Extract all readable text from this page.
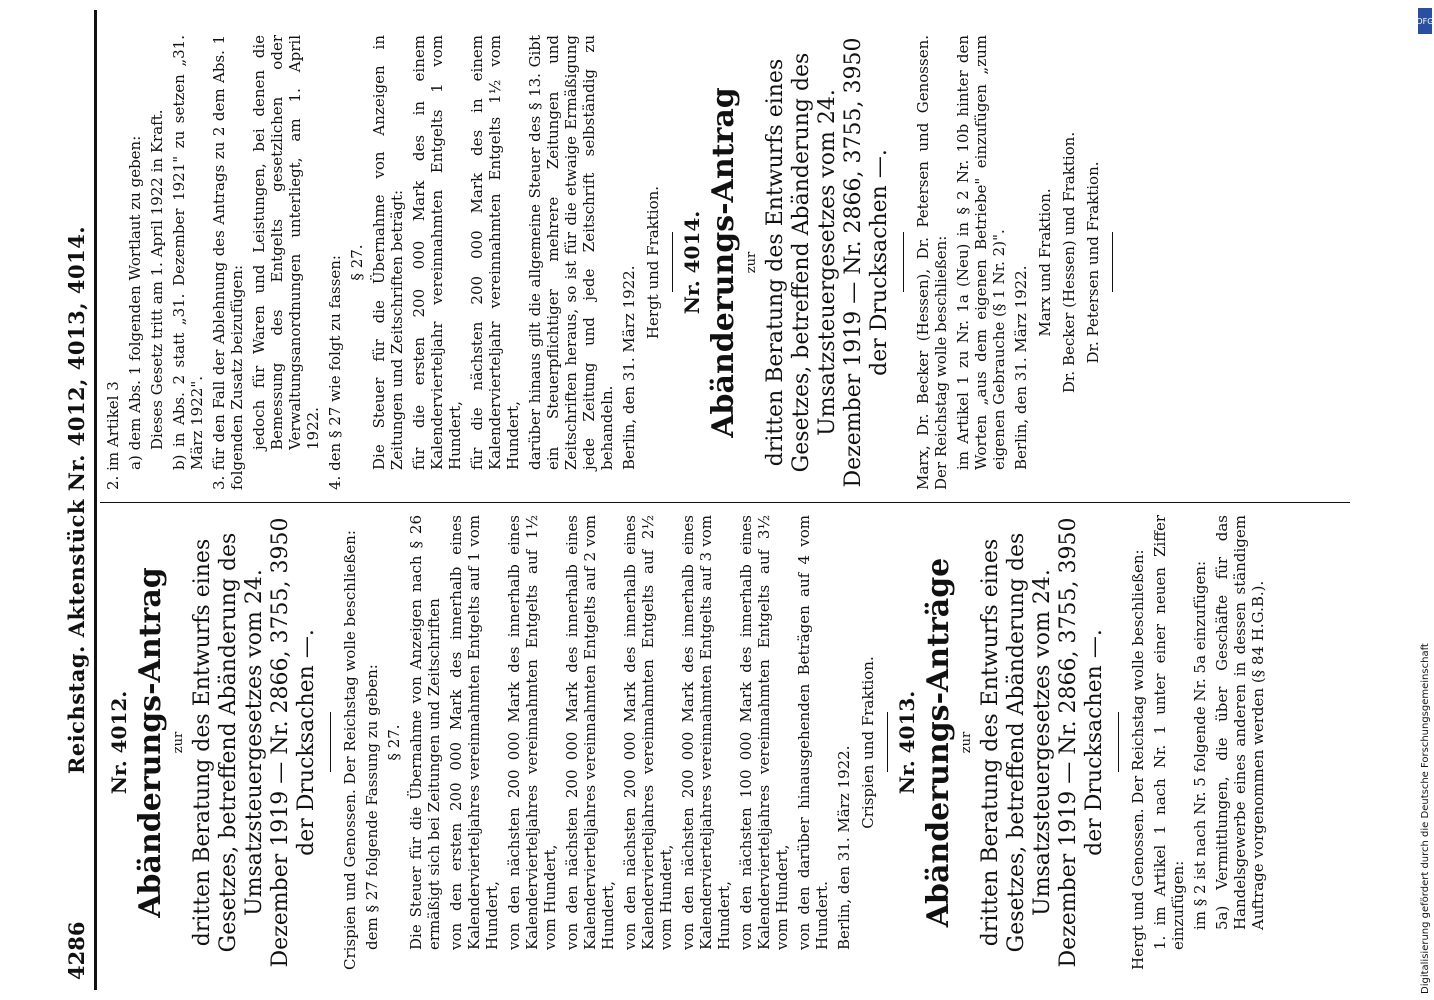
4286
Reichstag. Aktenstück Nr. 4012, 4013, 4014. Nr. 4012. Abänderungs-Antrag zur dritten Beratung des Entwurfs eines Gesetzes, betreffend Abänderung des Umsatzsteuergesetzes vom 24. Dezember 1919 — Nr. 2866, 3755, 3950 der Drucksachen —. Crispien und Genossen. Der Reichstag wolle beschließen: dem § 27 folgende Fassung zu geben: § 27. Die Steuer für die Übernahme von Anzeigen nach § 26 ermäßigt sich bei Zeitungen und Zeitschriften von den ersten 200 000 Mark des innerhalb eines Kalendervierteljahres vereinnahmten Entgelts auf 1 vom Hundert, von den nächsten 200 000 Mark des innerhalb eines Kalendervierteljahres vereinnahmten Entgelts auf 1½ vom Hundert, von den nächsten 200 000 Mark des innerhalb eines Kalendervierteljahres vereinnahmten Entgelts auf 2 vom Hundert, von den nächsten 200 000 Mark des innerhalb eines Kalendervierteljahres vereinnahmten Entgelts auf 2½ vom Hundert, von den nächsten 200 000 Mark des innerhalb eines Kalendervierteljahres vereinnahmten Entgelts auf 3 vom Hundert, von den nächsten 100 000 Mark des innerhalb eines Kalendervierteljahres vereinnahmten Entgelts auf 3½ vom Hundert, von den darüber hinausgehenden Beträgen auf 4 vom Hundert. Berlin, den 31. März 1922.
Crispien und Fraktion. Nr. 4013. Abänderungs-Anträge zur dritten Beratung des Entwurfs eines Gesetzes, betreffend Abänderung des Umsatzsteuergesetzes vom 24. Dezember 1919 — Nr. 2866, 3755, 3950 der Drucksachen —. Hergt und Genossen. Der Reichstag wolle beschließen: 1. im Artikel 1 nach Nr. 1 unter einer neuen Ziffer einzufügen: im § 2 ist nach Nr. 5 folgende Nr. 5a einzufügen: 5a) Vermittlungen, die über Geschäfte für das Handelsgewerbe eines anderen in dessen ständigem Auftrage vorgenommen werden (§ 84 H.G.B.).
2. im Artikel 3 a) dem Abs. 1 folgenden Wortlaut zu geben: Dieses Gesetz tritt am 1. April 1922 in Kraft. b) in Abs. 2 statt „31. Dezember 1921" zu setzen „31. März 1922". 3. für den Fall der Ablehnung des Antrags zu 2 dem Abs. 1 folgenden Zusatz beizufügen: jedoch für Waren und Leistungen, bei denen die Bemessung des Entgelts gesetzlichen oder Verwaltungsanordnungen unterliegt, am 1. April 1922. 4. den § 27 wie folgt zu fassen: § 27. Die Steuer für die Übernahme von Anzeigen in Zeitungen und Zeitschriften beträgt: für die ersten 200 000 Mark des in einem Kalendervierteljahr vereinnahmten Entgelts 1 vom Hundert, für die nächsten 200 000 Mark des in einem Kalendervierteljahr vereinnahmten Entgelts 1½ vom Hundert, darüber hinaus gilt die allgemeine Steuer des § 13. Gibt ein Steuerpflichtiger mehrere Zeitungen und Zeitschriften heraus, so ist für die etwaige Ermäßigung jede Zeitung und jede Zeitschrift selbständig zu behandeln. Berlin, den 31. März 1922.
Hergt und Fraktion. Nr. 4014. Abänderungs-Antrag zur dritten Beratung des Entwurfs eines Gesetzes, betreffend Abänderung des Umsatzsteuergesetzes vom 24. Dezember 1919 — Nr. 2866, 3755, 3950 der Drucksachen —. Marx, Dr. Becker (Hessen), Dr. Petersen und Genossen. Der Reichstag wolle beschließen: im Artikel 1 zu Nr. 1a (Neu) in § 2 Nr. 10b hinter den Worten „aus dem eigenen Betriebe" einzufügen „zum eigenen Gebrauche (§ 1 Nr. 2)". Berlin, den 31. März 1922.
Marx und Fraktion. Dr. Becker (Hessen) und Fraktion. Dr. Petersen und Fraktion.
Digitalisierung gefördert durch die Deutsche Forschungsgemeinschaft
DFG
